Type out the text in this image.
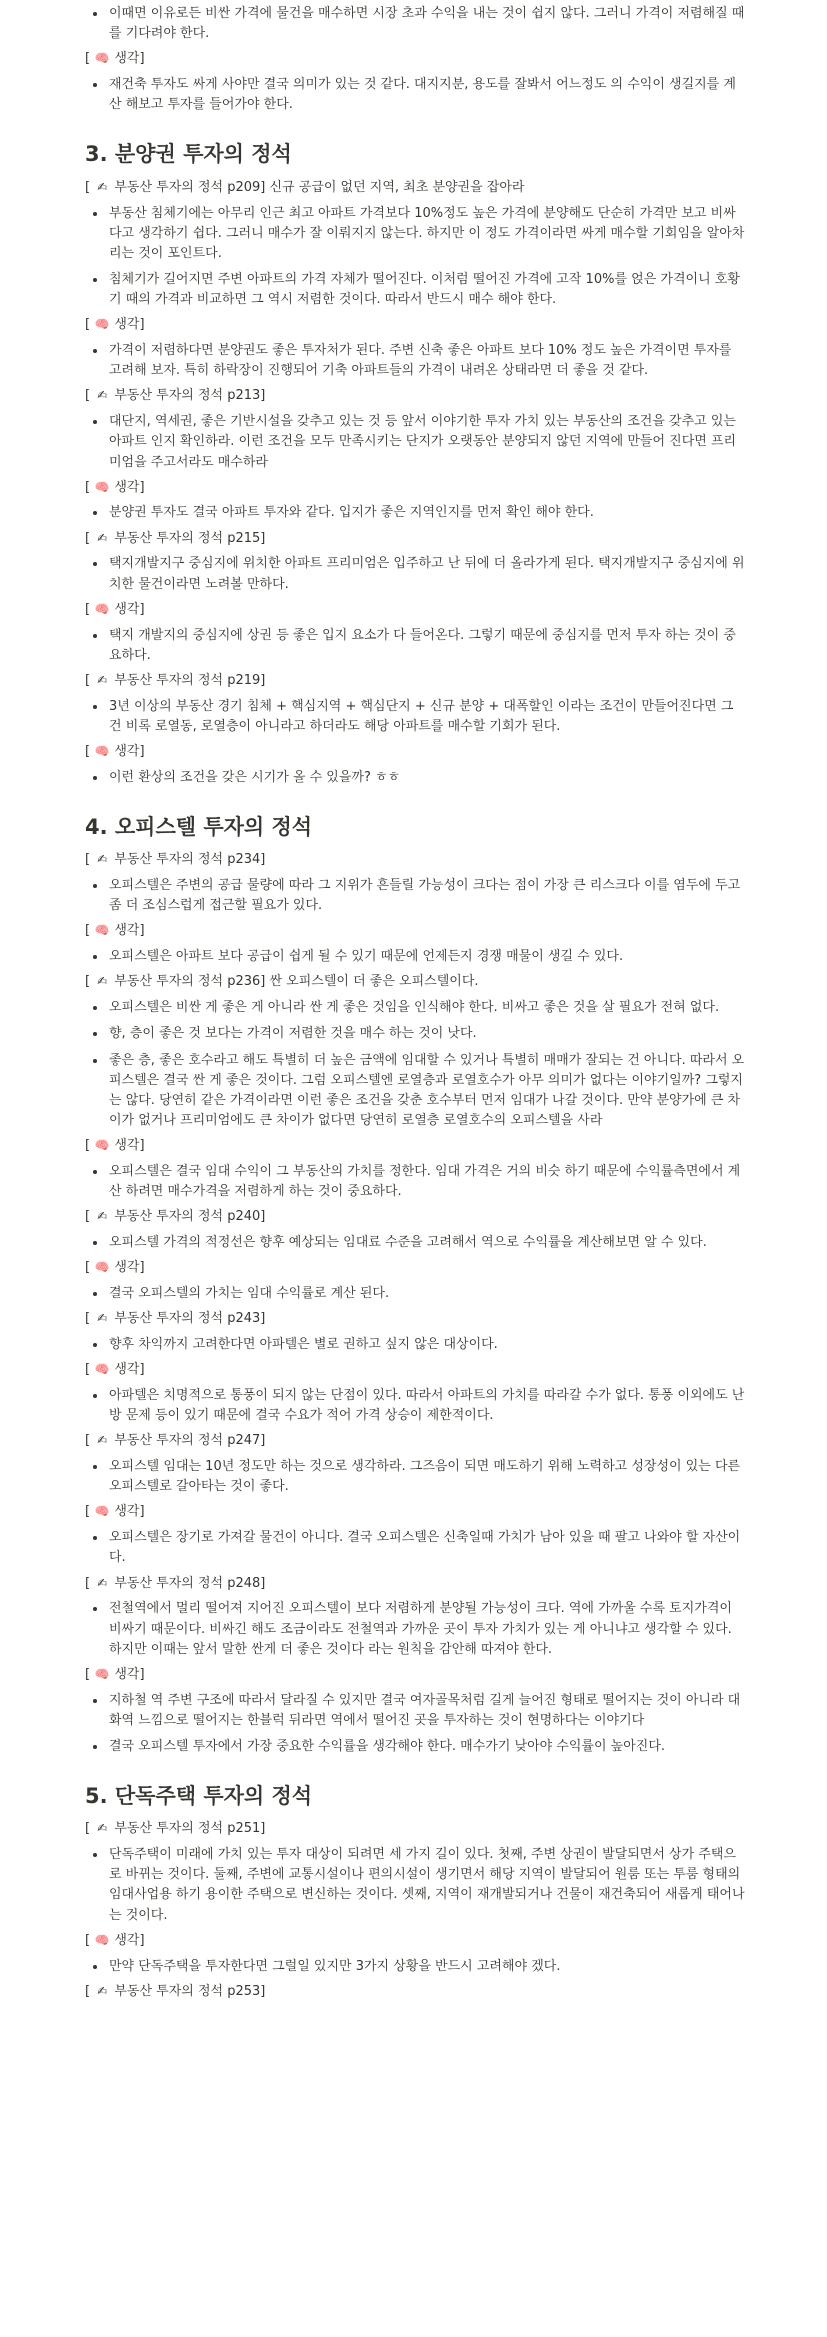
• 이때면 이유로든 비싼 가격에 물건을 매수하면 시장 초과 수익을 내는 것이 쉽지 않다. 그러니 가격이 저렴해질 때를 기다려야 한다.
[ 🧠 생각]
• 재건축 투자도 싸게 사야만 결국 의미가 있는 것 같다. 대지지분, 용도를 잘봐서 어느정도 의 수익이 생길지를 계산 해보고 투자를 들어가야 한다.
3. 분양권 투자의 정석
[ ✍ 부동산 투자의 정석 p209] 신규 공급이 없던 지역, 최초 분양권을 잡아라
• 부동산 침체기에는 아무리 인근 최고 아파트 가격보다 10%정도 높은 가격에 분양해도 단순히 가격만 보고 비싸다고 생각하기 쉽다. 그러니 매수가 잘 이뤄지지 않는다. 하지만 이 정도 가격이라면 싸게 매수할 기회임을 알아차리는 것이 포인트다.
• 침체기가 길어지면 주변 아파트의 가격 자체가 떨어진다. 이처럼 떨어진 가격에 고작 10%를 얹은 가격이니 호황기 때의 가격과 비교하면 그 역시 저렴한 것이다. 따라서 반드시 매수 해야 한다.
[ 🧠 생각]
• 가격이 저렴하다면 분양권도 좋은 투자처가 된다. 주변 신축 좋은 아파트 보다 10% 정도 높은 가격이면 투자를 고려해 보자. 특히 하락장이 진행되어 기축 아파트들의 가격이 내려온 상태라면 더 좋을 것 같다.
[ ✍ 부동산 투자의 정석 p213]
• 대단지, 역세권, 좋은 기반시설을 갖추고 있는 것 등 앞서 이야기한 투자 가치 있는 부동산의 조건을 갖추고 있는 아파트 인지 확인하라. 이런 조건을 모두 만족시키는 단지가 오랫동안 분양되지 않던 지역에 만들어 진다면 프리미엄을 주고서라도 매수하라
[ 🧠 생각]
• 분양권 투자도 결국 아파트 투자와 같다. 입지가 좋은 지역인지를 먼저 확인 해야 한다.
[ ✍ 부동산 투자의 정석 p215]
• 택지개발지구 중심지에 위치한 아파트 프리미엄은 입주하고 난 뒤에 더 올라가게 된다. 택지개발지구 중심지에 위치한 물건이라면 노려볼 만하다.
[ 🧠 생각]
• 택지 개발지의 중심지에 상권 등 좋은 입지 요소가 다 들어온다. 그렇기 때문에 중심지를 먼저 투자 하는 것이 중요하다.
[ ✍ 부동산 투자의 정석 p219]
• 3년 이상의 부동산 경기 침체 + 핵심지역 + 핵심단지 + 신규 분양 + 대폭할인 이라는 조건이 만들어진다면 그건 비록 로열동, 로열층이 아니라고 하더라도 해당 아파트를 매수할 기회가 된다.
[ 🧠 생각]
• 이런 환상의 조건을 갖은 시기가 올 수 있을까? ㅎㅎ
4. 오피스텔 투자의 정석
[ ✍ 부동산 투자의 정석 p234]
• 오피스텔은 주변의 공급 물량에 따라 그 지위가 흔들릴 가능성이 크다는 점이 가장 큰 리스크다 이를 염두에 두고 좀 더 조심스럽게 접근할 필요가 있다.
[ 🧠 생각]
• 오피스텔은 아파트 보다 공급이 쉽게 될 수 있기 때문에 언제든지 경쟁 매물이 생길 수 있다.
[ ✍ 부동산 투자의 정석 p236] 싼 오피스텔이 더 좋은 오피스텔이다.
• 오피스텔은 비싼 게 좋은 게 아니라 싼 게 좋은 것임을 인식해야 한다. 비싸고 좋은 것을 살 필요가 전혀 없다.
• 향, 층이 좋은 것 보다는 가격이 저렴한 것을 매수 하는 것이 낫다.
• 좋은 층, 좋은 호수라고 해도 특별히 더 높은 금액에 임대할 수 있거나 특별히 매매가 잘되는 건 아니다. 따라서 오피스텔은 결국 싼 게 좋은 것이다. 그럼 오피스텔엔 로열층과 로열호수가 아무 의미가 없다는 이야기일까? 그렇지는 않다. 당연히 같은 가격이라면 이런 좋은 조건을 갖춘 호수부터 먼저 임대가 나갈 것이다. 만약 분양가에 큰 차이가 없거나 프리미엄에도 큰 차이가 없다면 당연히 로열층 로열호수의 오피스텔을 사라
[ 🧠 생각]
• 오피스텔은 결국 임대 수익이 그 부동산의 가치를 정한다. 임대 가격은 거의 비슷 하기 때문에 수익률측면에서 계산 하려면 매수가격을 저렴하게 하는 것이 중요하다.
[ ✍ 부동산 투자의 정석 p240]
• 오피스텔 가격의 적정선은 향후 예상되는 임대료 수준을 고려해서 역으로 수익률을 계산해보면 알 수 있다.
[ 🧠 생각]
• 결국 오피스텔의 가치는 임대 수익률로 계산 된다.
[ ✍ 부동산 투자의 정석 p243]
• 향후 차익까지 고려한다면 아파텔은 별로 권하고 싶지 않은 대상이다.
[ 🧠 생각]
• 아파텔은 치명적으로 통풍이 되지 않는 단점이 있다. 따라서 아파트의 가치를 따라갈 수가 없다. 통풍 이외에도 난방 문제 등이 있기 때문에 결국 수요가 적어 가격 상승이 제한적이다.
[ ✍ 부동산 투자의 정석 p247]
• 오피스텔 임대는 10년 정도만 하는 것으로 생각하라. 그즈음이 되면 매도하기 위해 노력하고 성장성이 있는 다른 오피스텔로 갈아타는 것이 좋다.
[ 🧠 생각]
• 오피스텔은 장기로 가져갈 물건이 아니다. 결국 오피스텔은 신축일때 가치가 남아 있을 때 팔고 나와야 할 자산이다.
[ ✍ 부동산 투자의 정석 p248]
• 전철역에서 멀리 떨어져 지어진 오피스텔이 보다 저렴하게 분양될 가능성이 크다. 역에 가까울 수록 토지가격이 비싸기 때문이다. 비싸긴 해도 조금이라도 전철역과 가까운 곳이 투자 가치가 있는 게 아니냐고 생각할 수 있다. 하지만 이때는 앞서 말한 싼게 더 좋은 것이다 라는 원칙을 감안해 따져야 한다.
[ 🧠 생각]
• 지하철 역 주변 구조에 따라서 달라질 수 있지만 결국 여자골목처럼 길게 늘어진 형태로 떨어지는 것이 아니라 대화역 느낌으로 떨어지는 한블럭 뒤라면 역에서 떨어진 곳을 투자하는 것이 현명하다는 이야기다
• 결국 오피스텔 투자에서 가장 중요한 수익률을 생각해야 한다. 매수가기 낮아야 수익률이 높아진다.
5. 단독주택 투자의 정석
[ ✍ 부동산 투자의 정석 p251]
• 단독주택이 미래에 가치 있는 투자 대상이 되려면 세 가지 길이 있다. 첫째, 주변 상권이 발달되면서 상가 주택으로 바뀌는 것이다. 둘째, 주변에 교통시설이나 편의시설이 생기면서 해당 지역이 발달되어 원룸 또는 투룸 형태의 임대사업용 하기 용이한 주택으로 변신하는 것이다. 셋째, 지역이 재개발되거나 건물이 재건축되어 새롭게 태어나는 것이다.
[ 🧠 생각]
• 만약 단독주택을 투자한다면 그럴일 있지만 3가지 상황을 반드시 고려해야 겠다.
[ ✍ 부동산 투자의 정석 p253]
